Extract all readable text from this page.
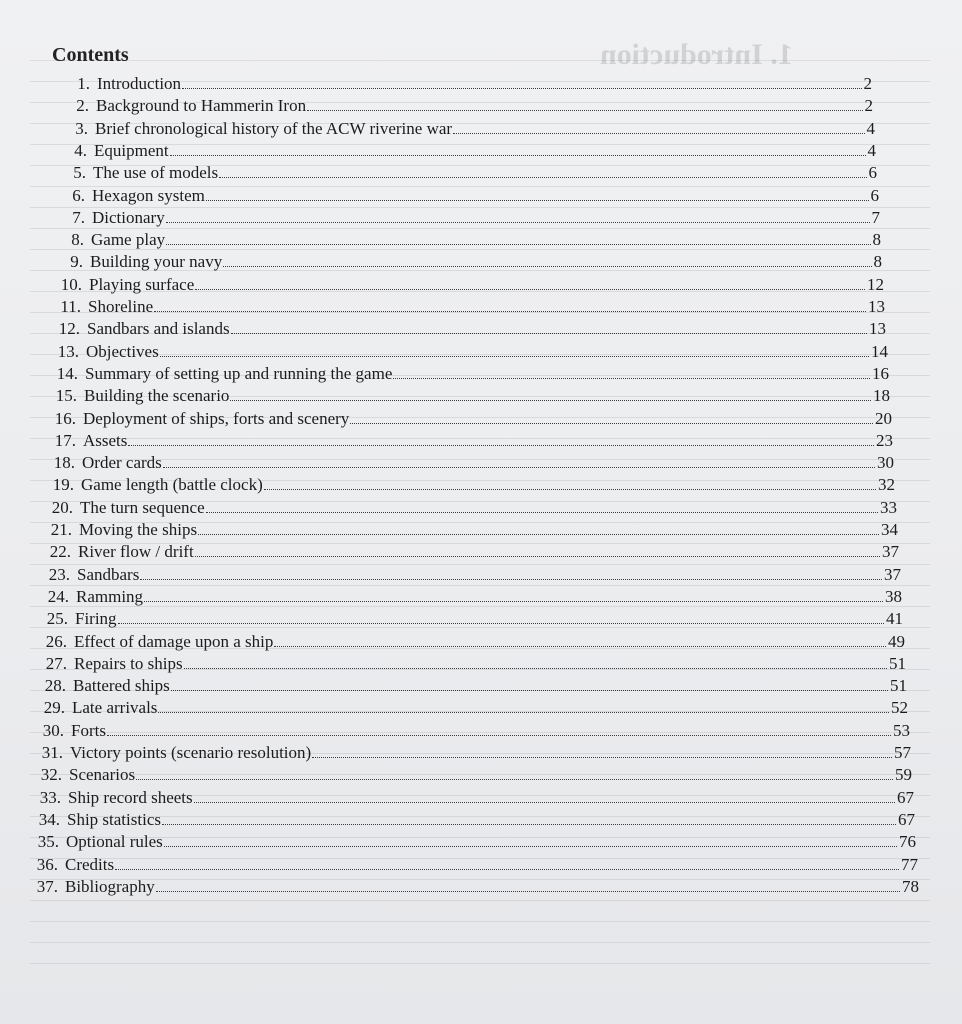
1. Introduction
Contents
1. Introduction	2
2. Background to Hammerin Iron	2
3. Brief chronological history of the ACW riverine war	4
4. Equipment	4
5. The use of models	6
6. Hexagon system	6
7. Dictionary	7
8. Game play	8
9. Building your navy	8
10. Playing surface	12
11. Shoreline	13
12. Sandbars and islands	13
13. Objectives	14
14. Summary of setting up and running the game	16
15. Building the scenario	18
16. Deployment of ships, forts and scenery	20
17. Assets	23
18. Order cards	30
19. Game length (battle clock)	32
20. The turn sequence	33
21. Moving the ships	34
22. River flow / drift	37
23. Sandbars	37
24. Ramming	38
25. Firing	41
26. Effect of damage upon a ship	49
27. Repairs to ships	51
28. Battered ships	51
29. Late arrivals	52
30. Forts	53
31. Victory points (scenario resolution)	57
32. Scenarios	59
33. Ship record sheets	67
34. Ship statistics	67
35. Optional rules	76
36. Credits	77
37. Bibliography	78
